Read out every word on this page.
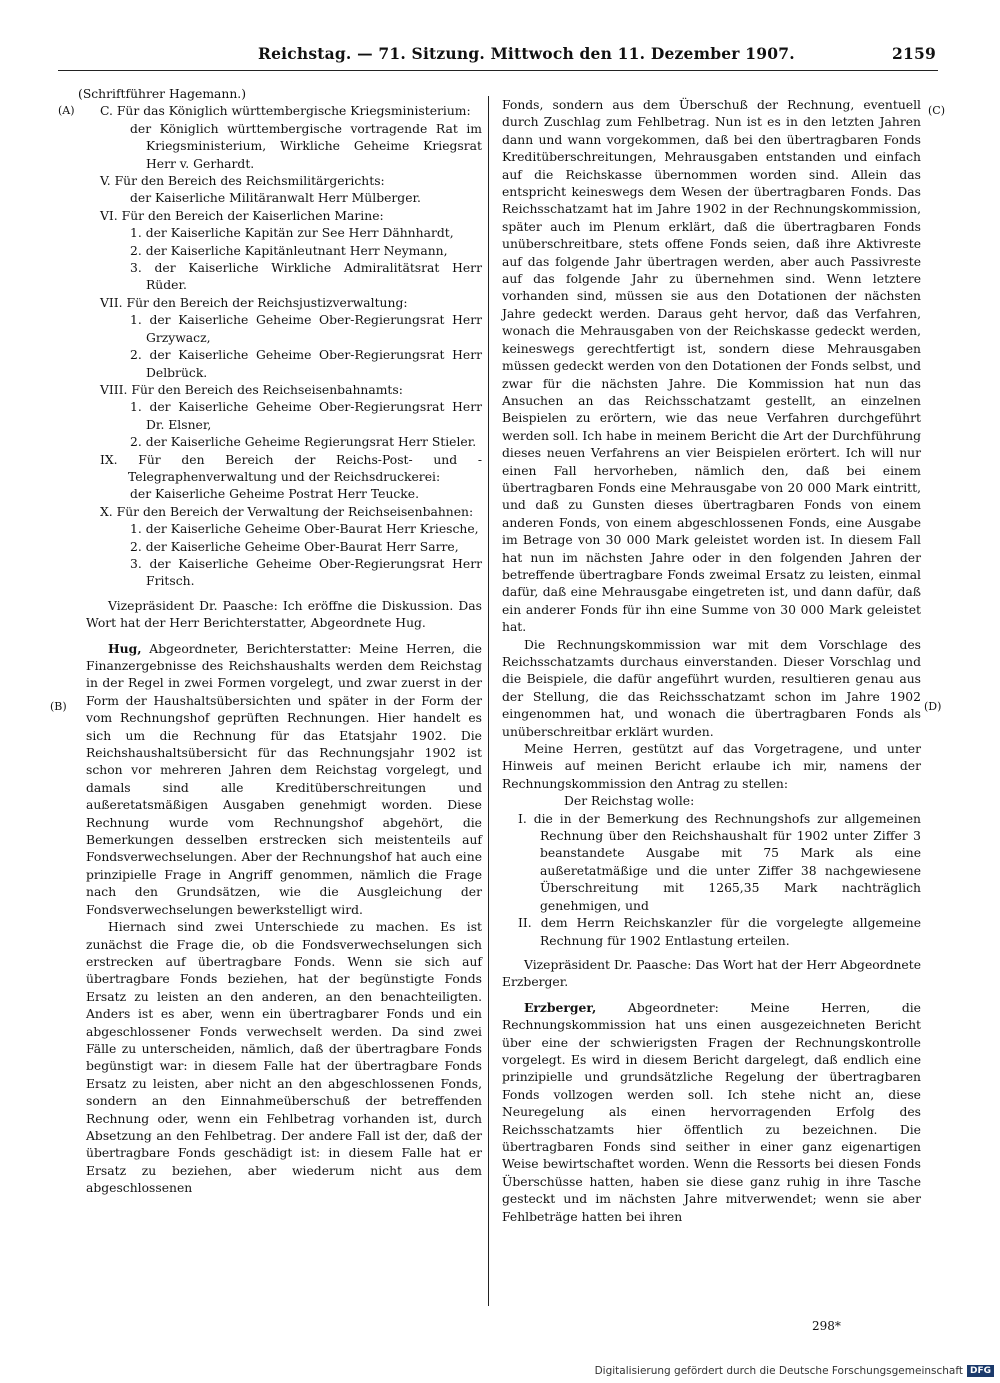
Reichstag. — 71. Sitzung. Mittwoch den 11. Dezember 1907.	2159
(A)
(B)
(C)
(D)

(Schriftführer Hagemann.)

C. Für das Königlich württembergische Kriegsministerium:

der Königlich württembergische vortragende Rat im Kriegsministerium, Wirkliche Geheime Kriegsrat Herr v. Gerhardt.

V. Für den Bereich des Reichsmilitärgerichts:

der Kaiserliche Militäranwalt Herr Mülberger.

VI. Für den Bereich der Kaiserlichen Marine:

1. der Kaiserliche Kapitän zur See Herr Dähnhardt,

2. der Kaiserliche Kapitänleutnant Herr Neymann,

3. der Kaiserliche Wirkliche Admiralitätsrat Herr Rüder.

VII. Für den Bereich der Reichsjustizverwaltung:

1. der Kaiserliche Geheime Ober-Regierungsrat Herr Grzywacz,

2. der Kaiserliche Geheime Ober-Regierungsrat Herr Delbrück.

VIII. Für den Bereich des Reichseisenbahnamts:

1. der Kaiserliche Geheime Ober-Regierungsrat Herr Dr. Elsner,

2. der Kaiserliche Geheime Regierungsrat Herr Stieler.

IX. Für den Bereich der Reichs-Post- und -Telegraphenverwaltung und der Reichsdruckerei:

der Kaiserliche Geheime Postrat Herr Teucke.

X. Für den Bereich der Verwaltung der Reichseisenbahnen:

1. der Kaiserliche Geheime Ober-Baurat Herr Kriesche,

2. der Kaiserliche Geheime Ober-Baurat Herr Sarre,

3. der Kaiserliche Geheime Ober-Regierungsrat Herr Fritsch.

Vizepräsident Dr. Paasche: Ich eröffne die Diskussion. Das Wort hat der Herr Berichterstatter, Abgeordnete Hug.

Hug, Abgeordneter, Berichterstatter: Meine Herren, die Finanzergebnisse des Reichshaushalts werden dem Reichstag in der Regel in zwei Formen vorgelegt, und zwar zuerst in der Form der Haushaltsübersichten und später in der Form der vom Rechnungshof geprüften Rechnungen. Hier handelt es sich um die Rechnung für das Etatsjahr 1902. Die Reichshaushaltsübersicht für das Rechnungsjahr 1902 ist schon vor mehreren Jahren dem Reichstag vorgelegt, und damals sind alle Kreditüberschreitungen und außeretatsmäßigen Ausgaben genehmigt worden. Diese Rechnung wurde vom Rechnungshof abgehört, die Bemerkungen desselben erstrecken sich meistenteils auf Fondsverwechselungen. Aber der Rechnungshof hat auch eine prinzipielle Frage in Angriff genommen, nämlich die Frage nach den Grundsätzen, wie die Ausgleichung der Fondsverwechselungen bewerkstelligt wird.

Hiernach sind zwei Unterschiede zu machen. Es ist zunächst die Frage die, ob die Fondsverwechselungen sich erstrecken auf übertragbare Fonds. Wenn sie sich auf übertragbare Fonds beziehen, hat der begünstigte Fonds Ersatz zu leisten an den anderen, an den benachteiligten. Anders ist es aber, wenn ein übertragbarer Fonds und ein abgeschlossener Fonds verwechselt werden. Da sind zwei Fälle zu unterscheiden, nämlich, daß der übertragbare Fonds begünstigt war: in diesem Falle hat der übertragbare Fonds Ersatz zu leisten, aber nicht an den abgeschlossenen Fonds, sondern an den Einnahmeüberschuß der betreffenden Rechnung oder, wenn ein Fehlbetrag vorhanden ist, durch Absetzung an den Fehlbetrag. Der andere Fall ist der, daß der übertragbare Fonds geschädigt ist: in diesem Falle hat er Ersatz zu beziehen, aber wiederum nicht aus dem abgeschlossenen

Fonds, sondern aus dem Überschuß der Rechnung, eventuell durch Zuschlag zum Fehlbetrag. Nun ist es in den letzten Jahren dann und wann vorgekommen, daß bei den übertragbaren Fonds Kreditüberschreitungen, Mehrausgaben entstanden und einfach auf die Reichskasse übernommen worden sind. Allein das entspricht keineswegs dem Wesen der übertragbaren Fonds. Das Reichsschatzamt hat im Jahre 1902 in der Rechnungskommission, später auch im Plenum erklärt, daß die übertragbaren Fonds unüberschreitbare, stets offene Fonds seien, daß ihre Aktivreste auf das folgende Jahr übertragen werden, aber auch Passivreste auf das folgende Jahr zu übernehmen sind. Wenn letztere vorhanden sind, müssen sie aus den Dotationen der nächsten Jahre gedeckt werden. Daraus geht hervor, daß das Verfahren, wonach die Mehrausgaben von der Reichskasse gedeckt werden, keineswegs gerechtfertigt ist, sondern diese Mehrausgaben müssen gedeckt werden von den Dotationen der Fonds selbst, und zwar für die nächsten Jahre. Die Kommission hat nun das Ansuchen an das Reichsschatzamt gestellt, an einzelnen Beispielen zu erörtern, wie das neue Verfahren durchgeführt werden soll. Ich habe in meinem Bericht die Art der Durchführung dieses neuen Verfahrens an vier Beispielen erörtert. Ich will nur einen Fall hervorheben, nämlich den, daß bei einem übertragbaren Fonds eine Mehrausgabe von 20 000 Mark eintritt, und daß zu Gunsten dieses übertragbaren Fonds von einem anderen Fonds, von einem abgeschlossenen Fonds, eine Ausgabe im Betrage von 30 000 Mark geleistet worden ist. In diesem Fall hat nun im nächsten Jahre oder in den folgenden Jahren der betreffende übertragbare Fonds zweimal Ersatz zu leisten, einmal dafür, daß eine Mehrausgabe eingetreten ist, und dann dafür, daß ein anderer Fonds für ihn eine Summe von 30 000 Mark geleistet hat.

Die Rechnungskommission war mit dem Vorschlage des Reichsschatzamts durchaus einverstanden. Dieser Vorschlag und die Beispiele, die dafür angeführt wurden, resultieren genau aus der Stellung, die das Reichsschatzamt schon im Jahre 1902 eingenommen hat, und wonach die übertragbaren Fonds als unüberschreitbar erklärt wurden.

Meine Herren, gestützt auf das Vorgetragene, und unter Hinweis auf meinen Bericht erlaube ich mir, namens der Rechnungskommission den Antrag zu stellen:

Der Reichstag wolle:

I. die in der Bemerkung des Rechnungshofs zur allgemeinen Rechnung über den Reichshaushalt für 1902 unter Ziffer 3 beanstandete Ausgabe mit 75 Mark als eine außeretatmäßige und die unter Ziffer 38 nachgewiesene Überschreitung mit 1265,35 Mark nachträglich genehmigen, und

II. dem Herrn Reichskanzler für die vorgelegte allgemeine Rechnung für 1902 Entlastung erteilen.

Vizepräsident Dr. Paasche: Das Wort hat der Herr Abgeordnete Erzberger.

Erzberger, Abgeordneter: Meine Herren, die Rechnungskommission hat uns einen ausgezeichneten Bericht über eine der schwierigsten Fragen der Rechnungskontrolle vorgelegt. Es wird in diesem Bericht dargelegt, daß endlich eine prinzipielle und grundsätzliche Regelung der übertragbaren Fonds vollzogen werden soll. Ich stehe nicht an, diese Neuregelung als einen hervorragenden Erfolg des Reichsschatzamts hier öffentlich zu bezeichnen. Die übertragbaren Fonds sind seither in einer ganz eigenartigen Weise bewirtschaftet worden. Wenn die Ressorts bei diesen Fonds Überschüsse hatten, haben sie diese ganz ruhig in ihre Tasche gesteckt und im nächsten Jahre mitverwendet; wenn sie aber Fehlbeträge hatten bei ihren

298*
Digitalisierung gefördert durch die Deutsche Forschungsgemeinschaft DFG
